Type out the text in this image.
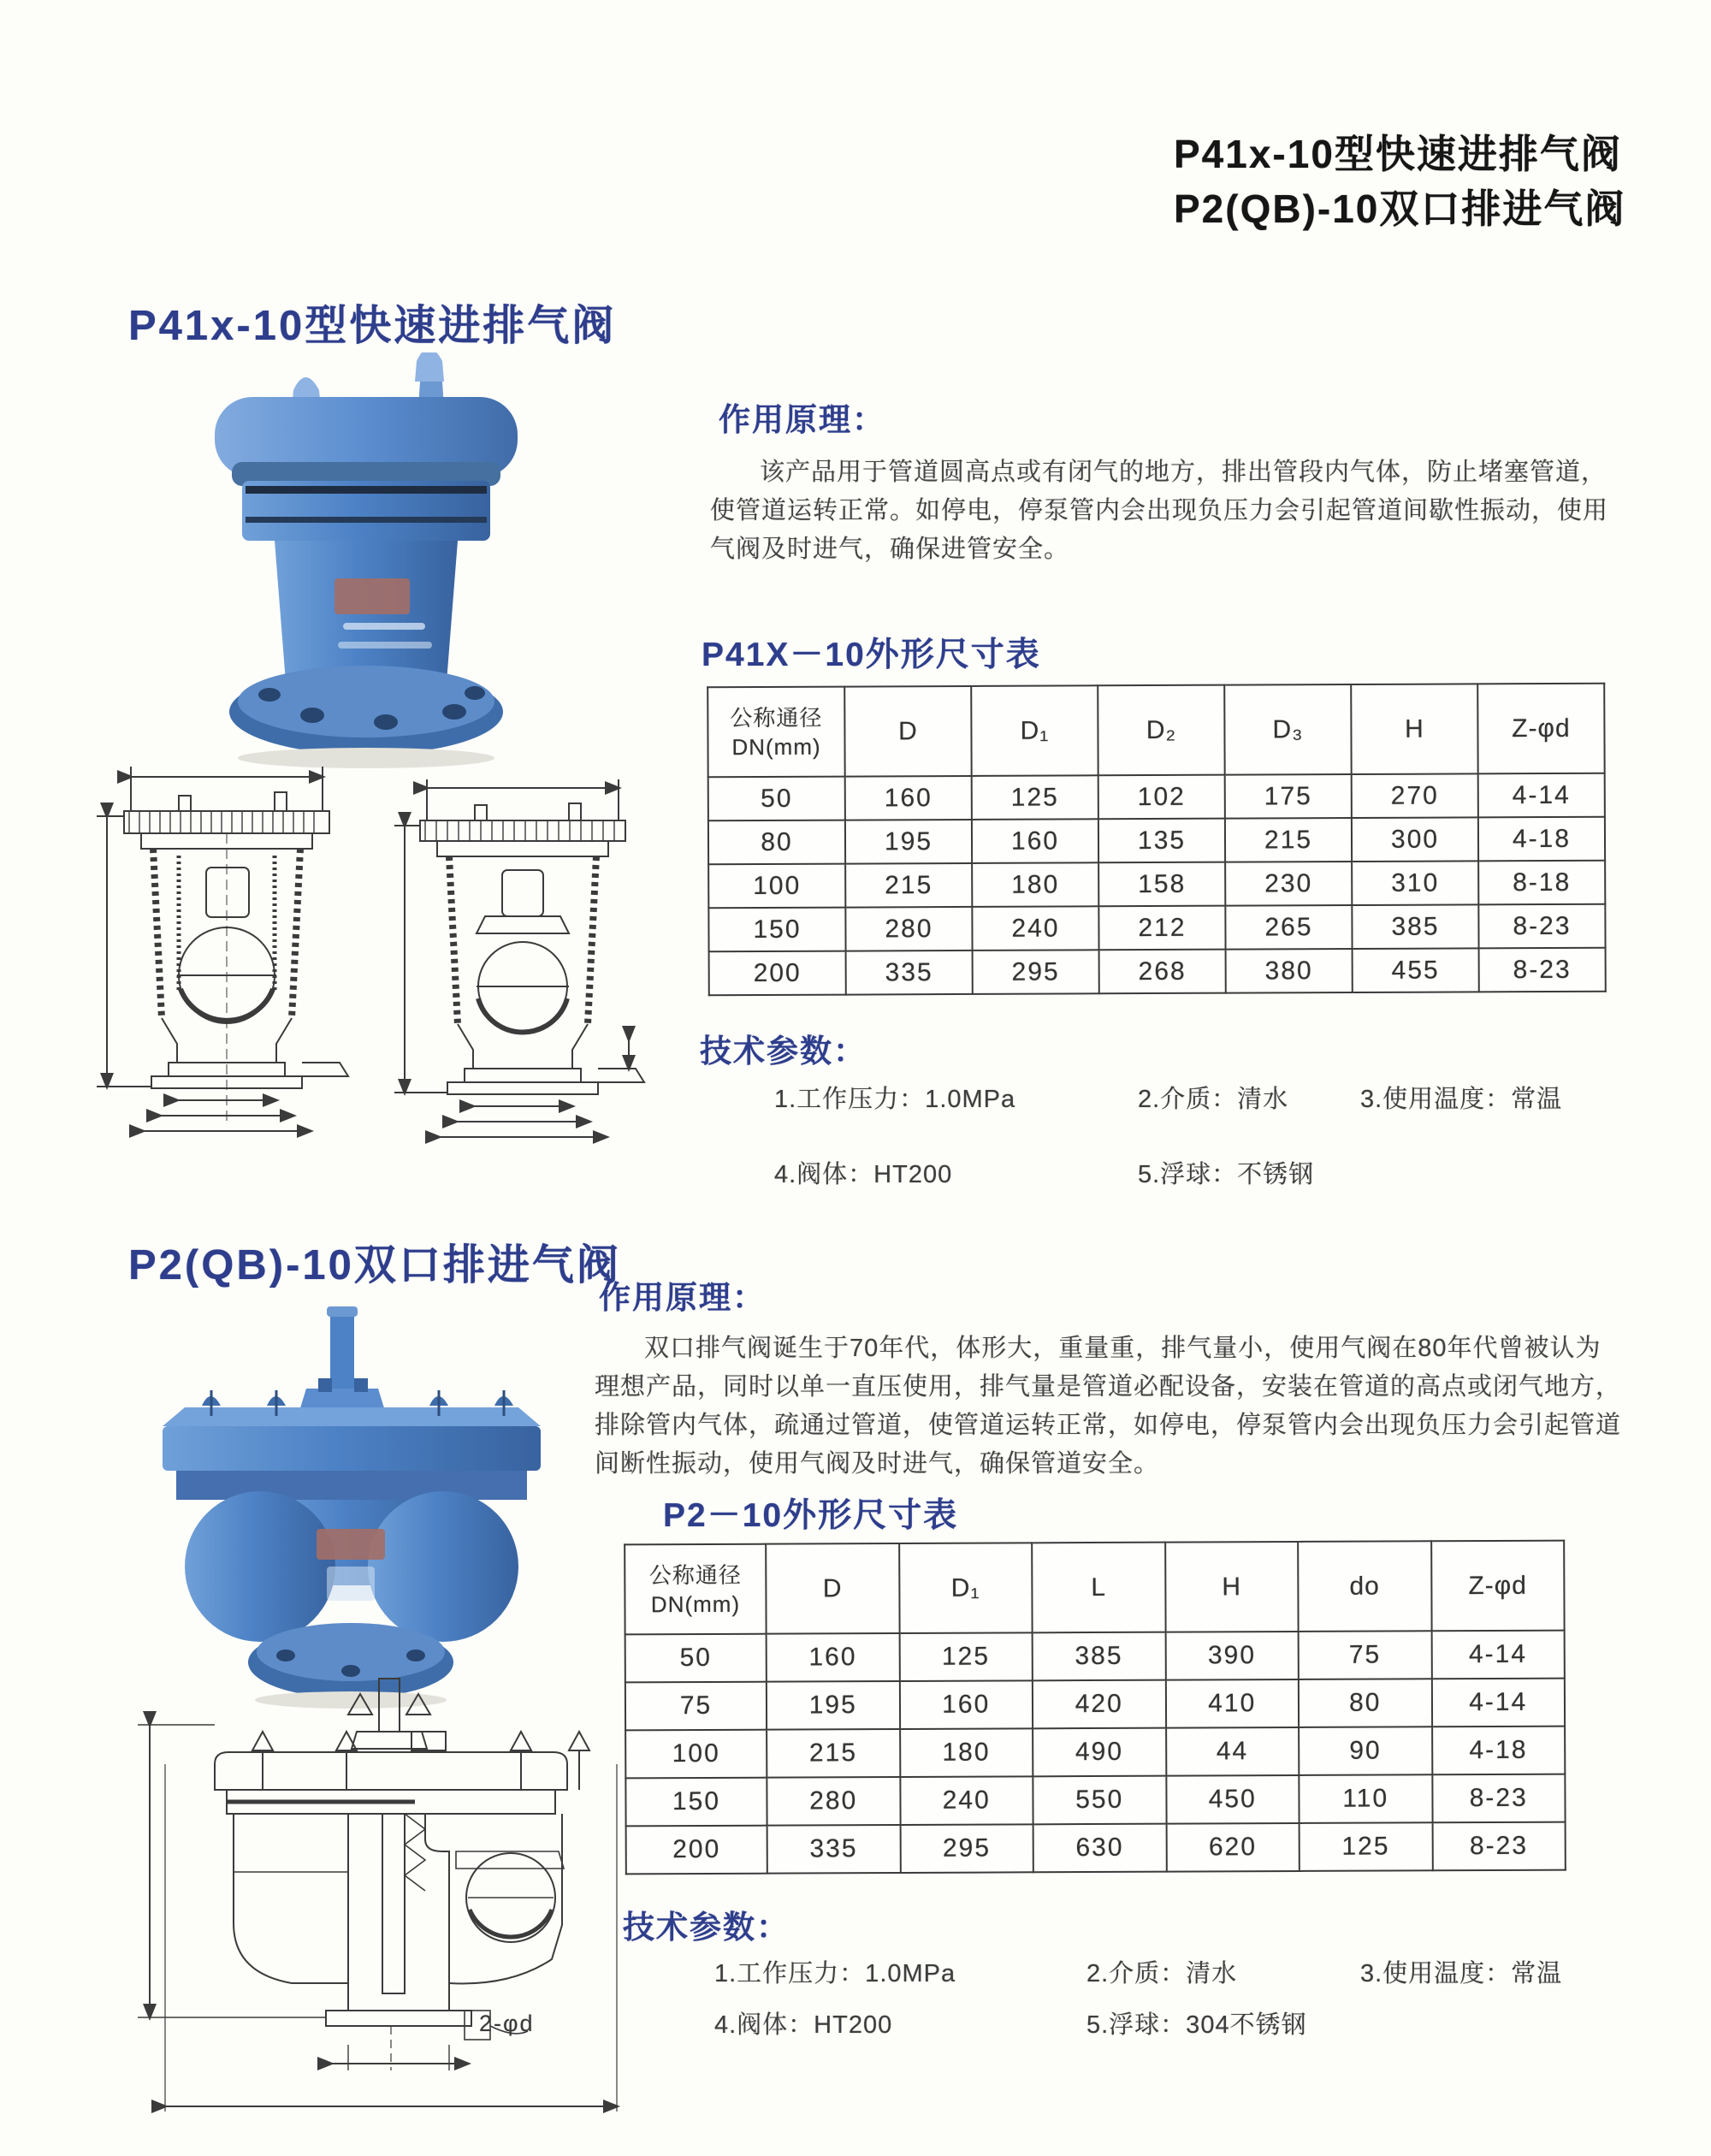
P41x-10型快速进排气阀
P2(QB)-10双口排进气阀
P41x-10型快速进排气阀
作用原理：
该产品用于管道圆高点或有闭气的地方，排出管段内气体，防止堵塞管道，使管道运转正常。如停电，停泵管内会出现负压力会引起管道间歇性振动，使用气阀及时进气，确保进管安全。
P41X－10外形尺寸表
公称通径
DN(mm)	D	D₁	D₂	D₃	H	Z-φd
50	160	125	102	175	270	4-14
80	195	160	135	215	300	4-18
100	215	180	158	230	310	8-18
150	280	240	212	265	385	8-23
200	335	295	268	380	455	8-23
技术参数：
1.工作压力：1.0MPa	2.介质：清水	3.使用温度：常温
4.阀体：HT200	5.浮球：不锈钢
P2(QB)-10双口排进气阀
作用原理：
双口排气阀诞生于70年代，体形大，重量重，排气量小，使用气阀在80年代曾被认为理想产品，同时以单一直压使用，排气量是管道必配设备，安装在管道的高点或闭气地方，排除管内气体，疏通过管道，使管道运转正常，如停电，停泵管内会出现负压力会引起管道间断性振动，使用气阀及时进气，确保管道安全。
P2－10外形尺寸表
公称通径
DN(mm)	D	D₁	L	H	do	Z-φd
50	160	125	385	390	75	4-14
75	195	160	420	410	80	4-14
100	215	180	490	44	90	4-18
150	280	240	550	450	110	8-23
200	335	295	630	620	125	8-23
技术参数：
1.工作压力：1.0MPa	2.介质：清水	3.使用温度：常温
4.阀体：HT200	5.浮球：304不锈钢
2-φd
